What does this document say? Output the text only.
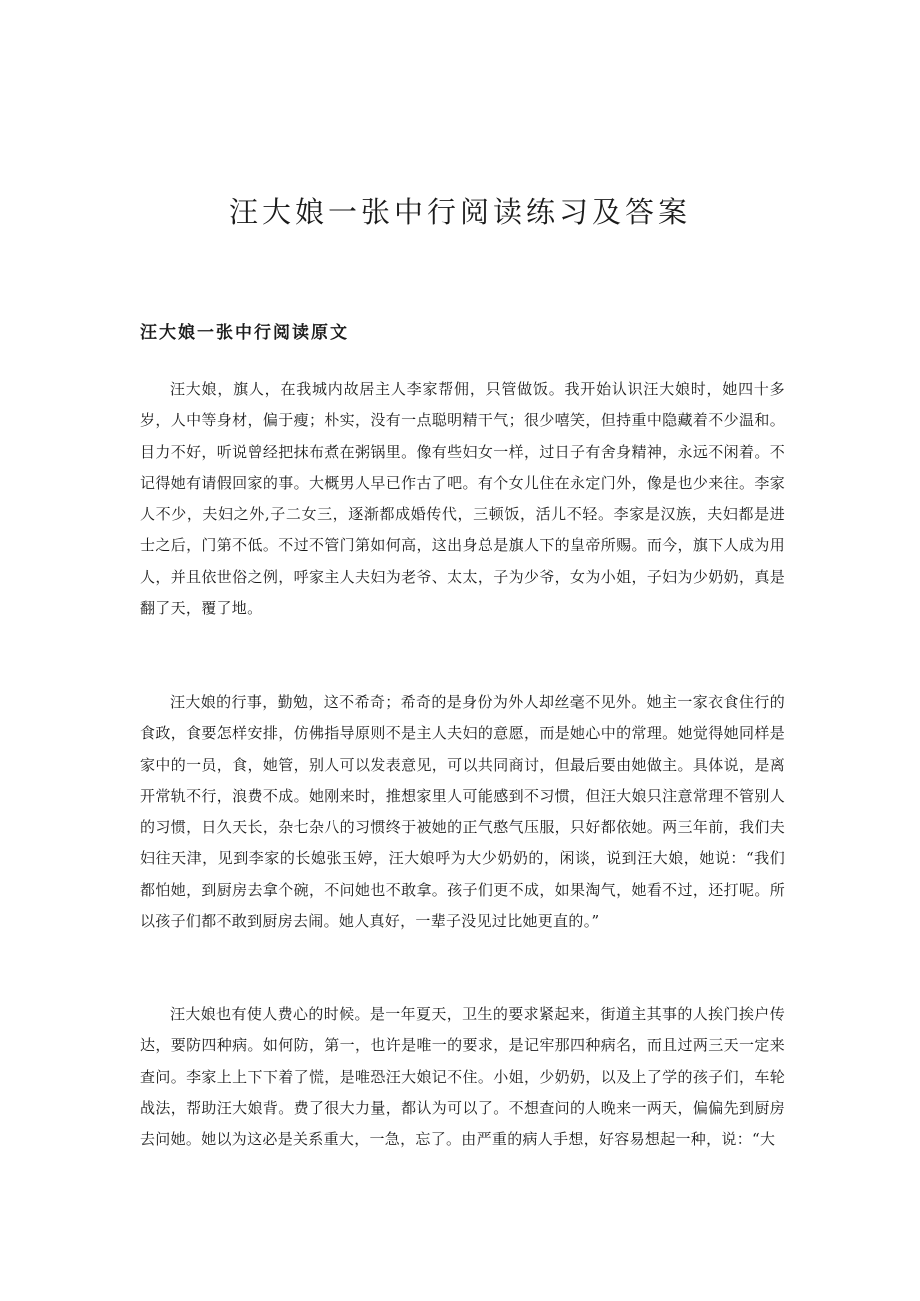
汪大娘一张中行阅读练习及答案
汪大娘一张中行阅读原文

汪大娘，旗人，在我城内故居主人李家帮佣，只管做饭。我开始认识汪大娘时，她四十多岁，人中等身材，偏于瘦；朴实，没有一点聪明精干气；很少嘻笑，但持重中隐藏着不少温和。目力不好，听说曾经把抹布煮在粥锅里。像有些妇女一样，过日子有舍身精神，永远不闲着。不记得她有请假回家的事。大概男人早已作古了吧。有个女儿住在永定门外，像是也少来往。李家人不少，夫妇之外,子二女三，逐渐都成婚传代，三顿饭，活儿不轻。李家是汉族，夫妇都是进士之后，门第不低。不过不管门第如何高，这出身总是旗人下的皇帝所赐。而今，旗下人成为用人，并且依世俗之例，呼家主人夫妇为老爷、太太，子为少爷，女为小姐，子妇为少奶奶，真是翻了天，覆了地。

汪大娘的行事，勤勉，这不希奇；希奇的是身份为外人却丝毫不见外。她主一家衣食住行的食政，食要怎样安排，仿佛指导原则不是主人夫妇的意愿，而是她心中的常理。她觉得她同样是家中的一员，食，她管，别人可以发表意见，可以共同商讨，但最后要由她做主。具体说，是离开常轨不行，浪费不成。她刚来时，推想家里人可能感到不习惯，但汪大娘只注意常理不管别人的习惯，日久天长，杂七杂八的习惯终于被她的正气憨气压服，只好都依她。两三年前，我们夫妇往天津，见到李家的长媳张玉婷，汪大娘呼为大少奶奶的，闲谈，说到汪大娘，她说：“我们都怕她，到厨房去拿个碗，不问她也不敢拿。孩子们更不成，如果淘气，她看不过，还打呢。所以孩子们都不敢到厨房去闹。她人真好，一辈子没见过比她更直的。”

汪大娘也有使人费心的时候。是一年夏天，卫生的要求紧起来，街道主其事的人挨门挨户传达，要防四种病。如何防，第一，也许是唯一的要求，是记牢那四种病名，而且过两三天一定来查问。李家上上下下着了慌，是唯恐汪大娘记不住。小姐，少奶奶，以及上了学的孩子们，车轮战法，帮助汪大娘背。费了很大力量，都认为可以了。不想查问的人晚来一两天，偏偏先到厨房去问她。她以为这必是关系重大，一急，忘了。由严重的病人手想，好容易想起一种，说：“大
